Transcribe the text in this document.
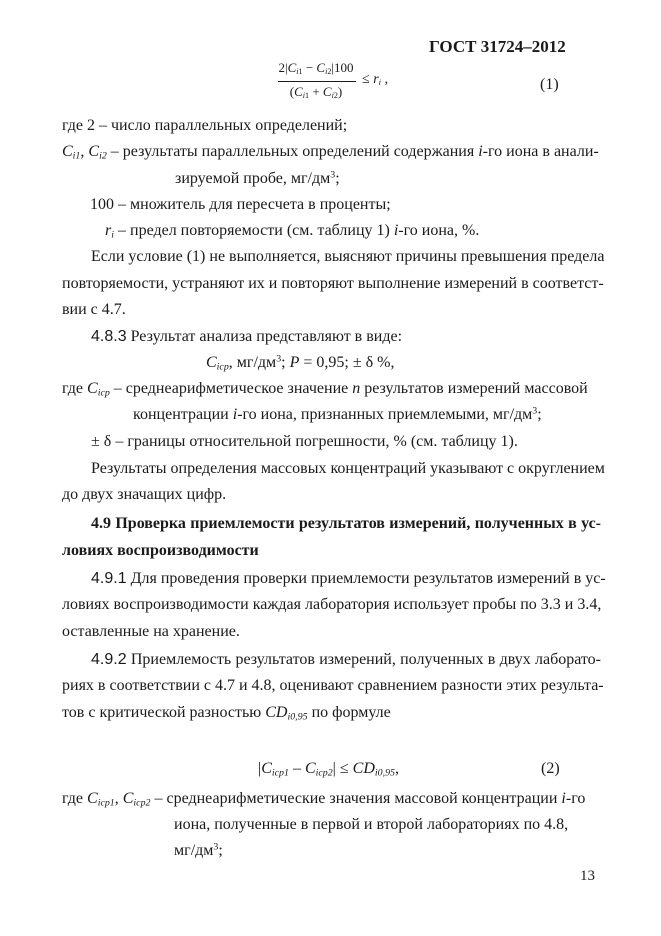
ГОСТ 31724–2012
$2|C_{i1} - C_{i2}|100$
$(C_{i1} + C_{i2})$
≤ $r_i$ ,	(1)
где 2 – число параллельных определений;
$C_{i1}$, $C_{i2}$ – результаты параллельных определений содержания i-го иона в анали-
зируемой пробе, $мг/дм^3$;
100 – множитель для пересчета в проценты;
$r_i$ – предел повторяемости (см. таблицу 1) i-го иона, %.
Если условие (1) не выполняется, выясняют причины превышения предела
повторяемости, устраняют их и повторяют выполнение измерений в соответст-
вии с 4.7.
4.8.3 Результат анализа представляют в виде:
$C_{icp}$, $мг/дм^3$; P = 0,95; ± δ %,
где $C_{icp}$ – среднеарифметическое значение n результатов измерений массовой
концентрации i-го иона, признанных приемлемыми, $мг/дм^3$;
± δ – границы относительной погрешности, % (см. таблицу 1).
Результаты определения массовых концентраций указывают с округлением
до двух значащих цифр.
4.9 Проверка приемлемости результатов измерений, полученных в ус-
ловиях воспроизводимости
4.9.1 Для проведения проверки приемлемости результатов измерений в ус-
ловиях воспроизводимости каждая лаборатория использует пробы по 3.3 и 3.4,
оставленные на хранение.
4.9.2 Приемлемость результатов измерений, полученных в двух лаборато-
риях в соответствии с 4.7 и 4.8, оценивают сравнением разности этих результа-
тов с критической разностью $CD_{i0,95}$ по формуле
$|C_{icp1} - C_{icp2}| \le CD_{i0,95}$,	(2)
где $C_{icp1}$, $C_{icp2}$ – среднеарифметические значения массовой концентрации i-го
иона, полученные в первой и второй лабораториях по 4.8,
$мг/дм^3$;
13
